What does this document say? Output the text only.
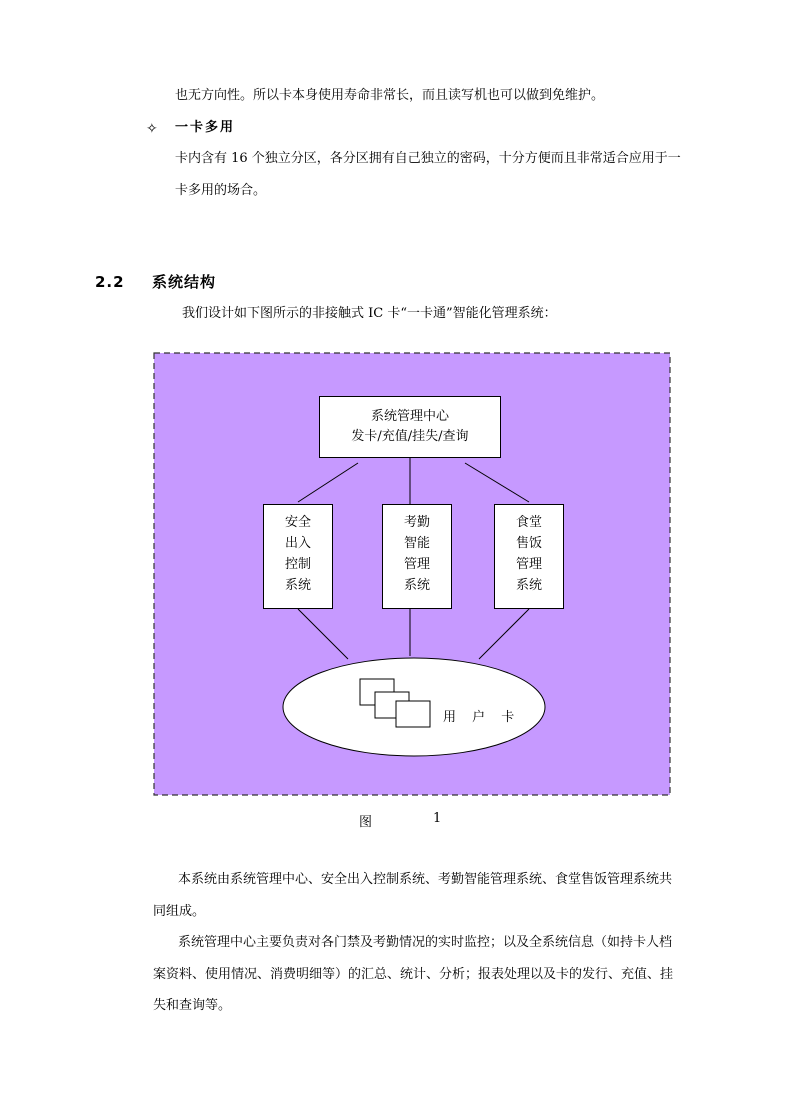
也无方向性。所以卡本身使用寿命非常长，而且读写机也可以做到免维护。
✧ 一卡多用
卡内含有 16 个独立分区，各分区拥有自己独立的密码，十分方便而且非常适合应用于一
卡多用的场合。
2.2 系统结构
我们设计如下图所示的非接触式 IC 卡“一卡通”智能化管理系统：
系统管理中心
发卡/充值/挂失/查询
安全
出入
控制
系统
考勤
智能
管理
系统
食堂
售饭
管理
系统
用 户 卡
图	1
本系统由系统管理中心、安全出入控制系统、考勤智能管理系统、食堂售饭管理系统共
同组成。
系统管理中心主要负责对各门禁及考勤情况的实时监控；以及全系统信息（如持卡人档
案资料、使用情况、消费明细等）的汇总、统计、分析；报表处理以及卡的发行、充值、挂
失和查询等。
